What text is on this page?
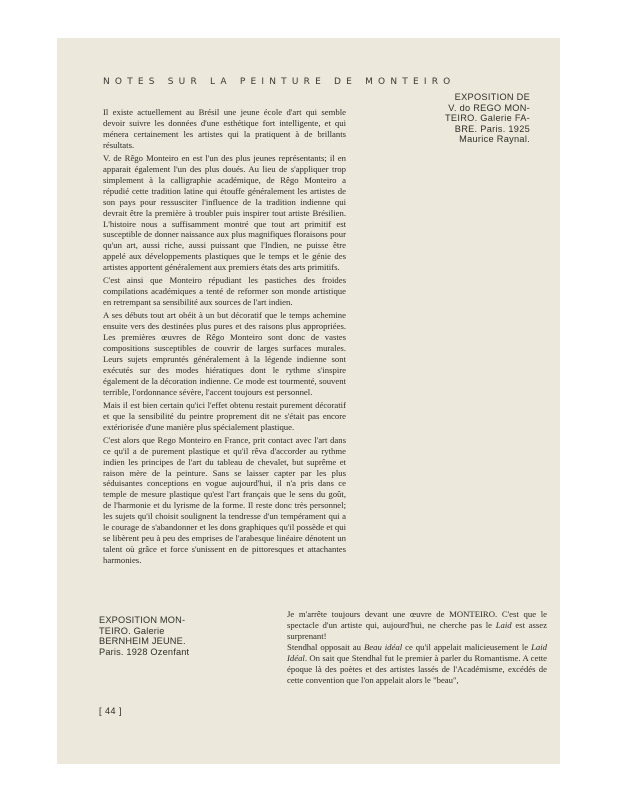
NOTES SUR LA PEINTURE DE MONTEIRO
EXPOSITION DE
V. do REGO MON-
TEIRO. Galerie FA-
BRE. Paris. 1925
Maurice Raynal.

Il existe actuellement au Brésil une jeune école d'art qui semble devoir suivre les données d'une esthétique fort intelligente, et qui ménera certainement les artistes qui la pratiquent à de brillants résultats.

V. de Rêgo Monteiro en est l'un des plus jeunes représentants; il en apparait également l'un des plus doués. Au lieu de s'appliquer trop simplement à la calligraphie académique, de Rêgo Monteiro a répudié cette tradition latine qui étouffe généralement les artistes de son pays pour ressusciter l'influence de la tradition indienne qui devrait être la première à troubler puis inspirer tout artiste Brésilien. L'histoire nous a suffisamment montré que tout art primitif est susceptible de donner naissance aux plus magnifiques floraisons pour qu'un art, aussi riche, aussi puissant que l'Indien, ne puisse être appelé aux développements plastiques que le temps et le génie des artistes apportent généralement aux premiers états des arts primitifs.

C'est ainsi que Monteiro répudiant les pastiches des froides compilations académiques a tenté de reformer son monde artistique en retrempant sa sensibilité aux sources de l'art indien.

A ses débuts tout art obéit à un but décoratif que le temps achemine ensuite vers des destinées plus pures et des raisons plus appropriées. Les premières œuvres de Rêgo Monteiro sont donc de vastes compositions susceptibles de couvrir de larges surfaces murales. Leurs sujets empruntés généralement à la légende indienne sont exécutés sur des modes hiératiques dont le rythme s'inspire également de la décoration indienne. Ce mode est tourmenté, souvent terrible, l'ordonnance sévère, l'accent toujours est personnel.

Mais il est bien certain qu'ici l'effet obtenu restait purement décoratif et que la sensibilité du peintre proprement dit ne s'était pas encore extériorisée d'une manière plus spécialement plastique.

C'est alors que Rego Monteiro en France, prit contact avec l'art dans ce qu'il a de purement plastique et qu'il rêva d'accorder au rythme indien les principes de l'art du tableau de chevalet, but suprême et raison mère de la peinture. Sans se laisser capter par les plus séduisantes conceptions en vogue aujourd'hui, il n'a pris dans ce temple de mesure plastique qu'est l'art français que le sens du goût, de l'harmonie et du lyrisme de la forme. Il reste donc très personnel; les sujets qu'il choisit soulignent la tendresse d'un tempérament qui a le courage de s'abandonner et les dons graphiques qu'il possède et qui se libèrent peu à peu des emprises de l'arabesque linéaire dénotent un talent où grâce et force s'unissent en de pittoresques et attachantes harmonies.

EXPOSITION MON-
TEIRO. Galerie
BERNHEIM JEUNE.
Paris. 1928 Ozenfant

Je m'arrête toujours devant une œuvre de MONTEIRO. C'est que le spectacle d'un artiste qui, aujourd'hui, ne cherche pas le Laid est assez surprenant!

Stendhal opposait au Beau idéal ce qu'il appelait malicieusement le Laid Idéal. On sait que Stendhal fut le premier à parler du Romantisme. A cette époque là des poètes et des artistes lassés de l'Académisme, excédés de cette convention que l'on appelait alors le "beau",

[ 44 ]
